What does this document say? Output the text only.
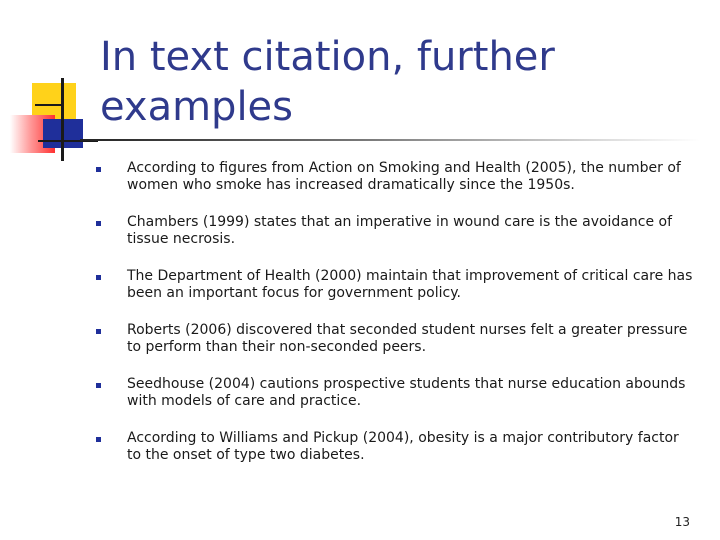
In text citation, further examples
According to figures from Action on Smoking and Health (2005), the number of women who smoke has increased dramatically since the 1950s.
Chambers (1999) states that an imperative in wound care is the avoidance of tissue necrosis.
The Department of Health (2000) maintain that improvement of critical care has been an important focus for government policy.
Roberts (2006) discovered that seconded student nurses felt a greater pressure to perform than their non-seconded peers.
Seedhouse (2004) cautions prospective students that nurse education abounds with models of care and practice.
According to Williams and Pickup (2004), obesity is a major contributory factor to the onset of type two diabetes.
13
